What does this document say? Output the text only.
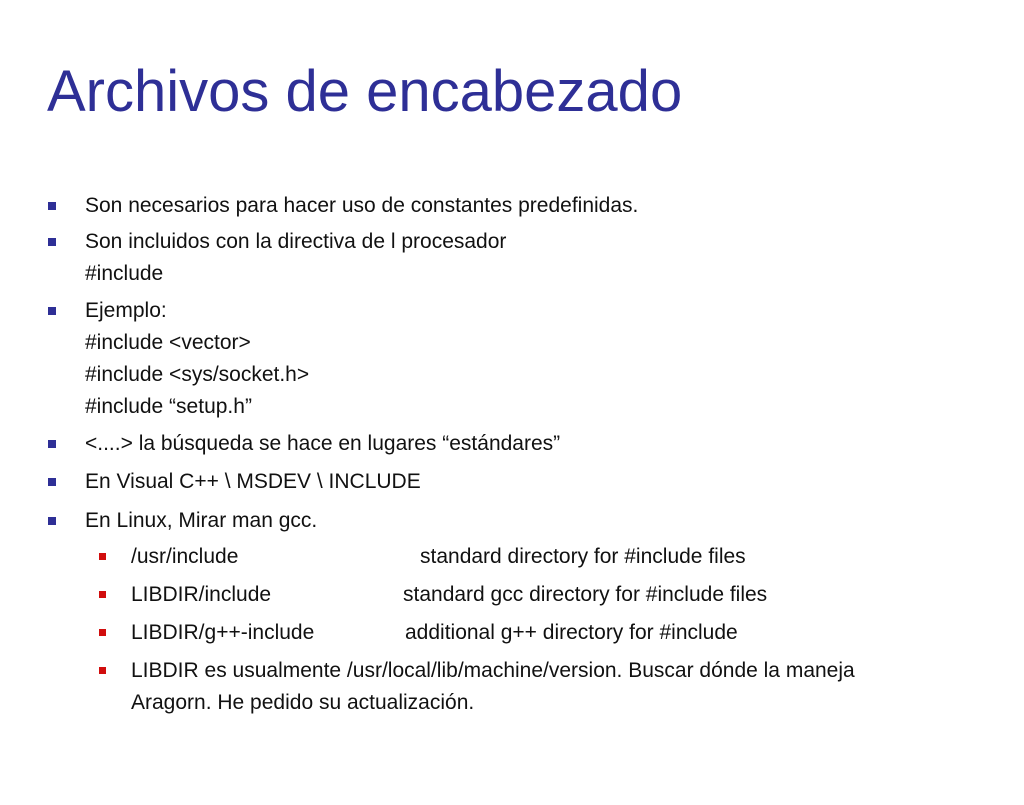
Archivos de encabezado
Son necesarios para hacer uso de constantes predefinidas.
Son incluidos con la directiva de l procesador
#include
Ejemplo:
#include <vector>
#include <sys/socket.h>
#include “setup.h”
<....> la búsqueda se hace en lugares “estándares”
En Visual C++ \ MSDEV \ INCLUDE
En Linux, Mirar man gcc.
/usr/include	standard directory for #include files
LIBDIR/include	standard gcc directory for #include files
LIBDIR/g++-include	additional g++ directory for #include
LIBDIR es usualmente /usr/local/lib/machine/version. Buscar dónde la maneja
Aragorn. He pedido su actualización.
